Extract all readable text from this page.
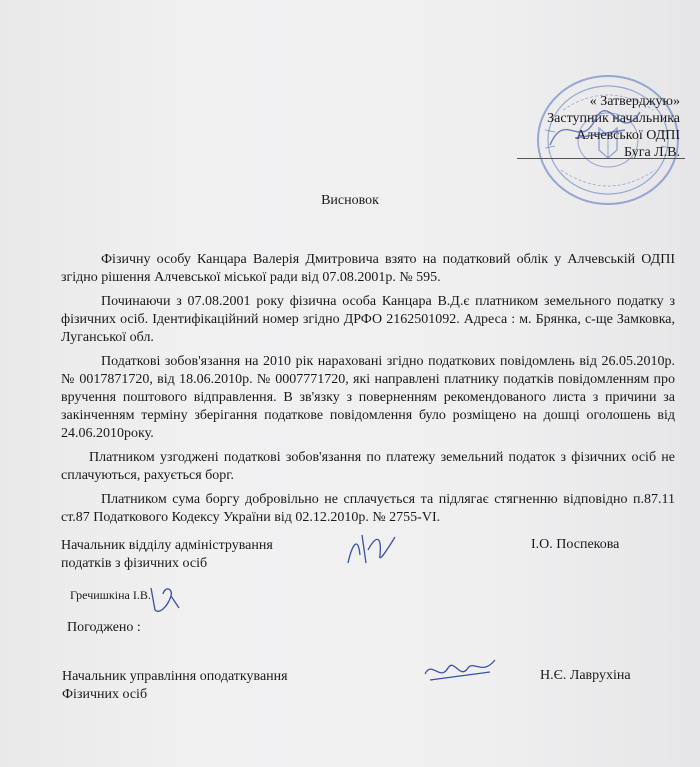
« Затверджую»
Заступник начальника
Алчевської ОДПІ
Буга Л.В.
Висновок

Фізичну особу Канцара Валерія Дмитровича взято на податковий облік у Алчевській ОДПІ згідно рішення Алчевської міської ради від 07.08.2001р. № 595.

Починаючи з 07.08.2001 року фізична особа Канцара В.Д.є платником земельного податку з фізичних осіб. Ідентифікаційний номер згідно ДРФО 2162501092. Адреса : м. Брянка, с-ще Замковка, Луганської обл.

Податкові зобов'язання на 2010 рік нараховані згідно податкових повідомлень від 26.05.2010р. № 0017871720, від 18.06.2010р. № 0007771720, які направлені платнику податків повідомленням про вручення поштового відправлення. В зв'язку з поверненням рекомендованого листа з причини за закінченням терміну зберігання податкове повідомлення було розміщено на дошці оголошень від 24.06.2010року.

Платником узгоджені податкові зобов'язання по платежу земельний податок з фізичних осіб не сплачуються, рахується борг.

Платником сума боргу добровільно не сплачується та підлягає стягненню відповідно п.87.11 ст.87 Податкового Кодексу України від 02.12.2010р. № 2755-VI.

Начальник відділу адміністрування
податків з фізичних осіб
І.О. Поспекова
Гречишкіна І.В.
Погоджено :
Начальник управління оподаткування
Фізичних осіб
Н.Є. Лаврухіна
